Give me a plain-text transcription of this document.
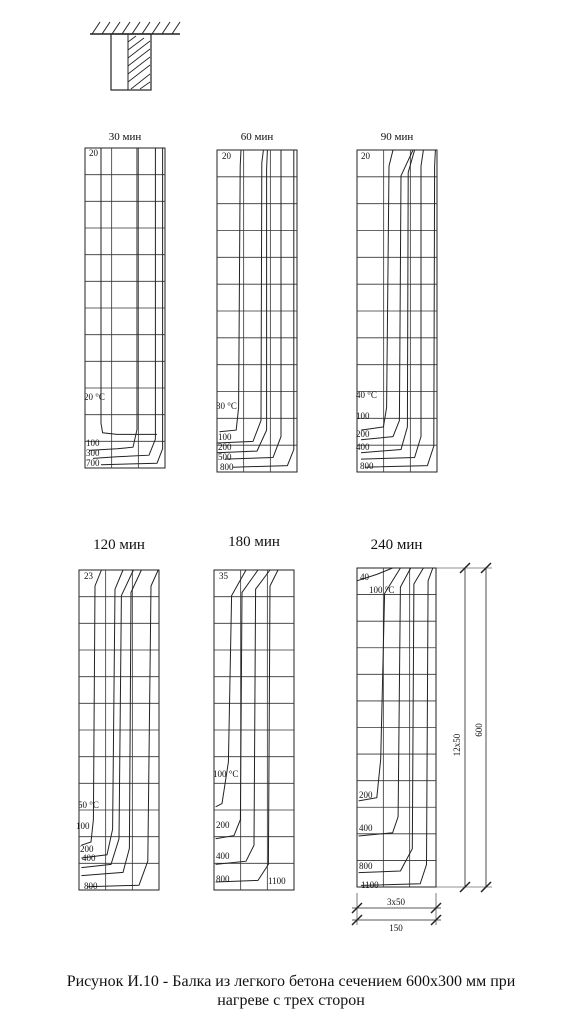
30 мин
20
20 °C
100
300
700
60 мин
20
30 °C
100
200
500
800
90 мин
20
40 °C
100
200
400
800
120 мин
23
50 °C
100
200
400
800
180 мин
35
100 °C
200
400
800	1100
240 мин
40
100 °C
200
400
800
1100
12x50
600
3x50
150
Рисунок И.10 - Балка из легкого бетона сечением 600х300 мм при
нагреве с трех сторон
